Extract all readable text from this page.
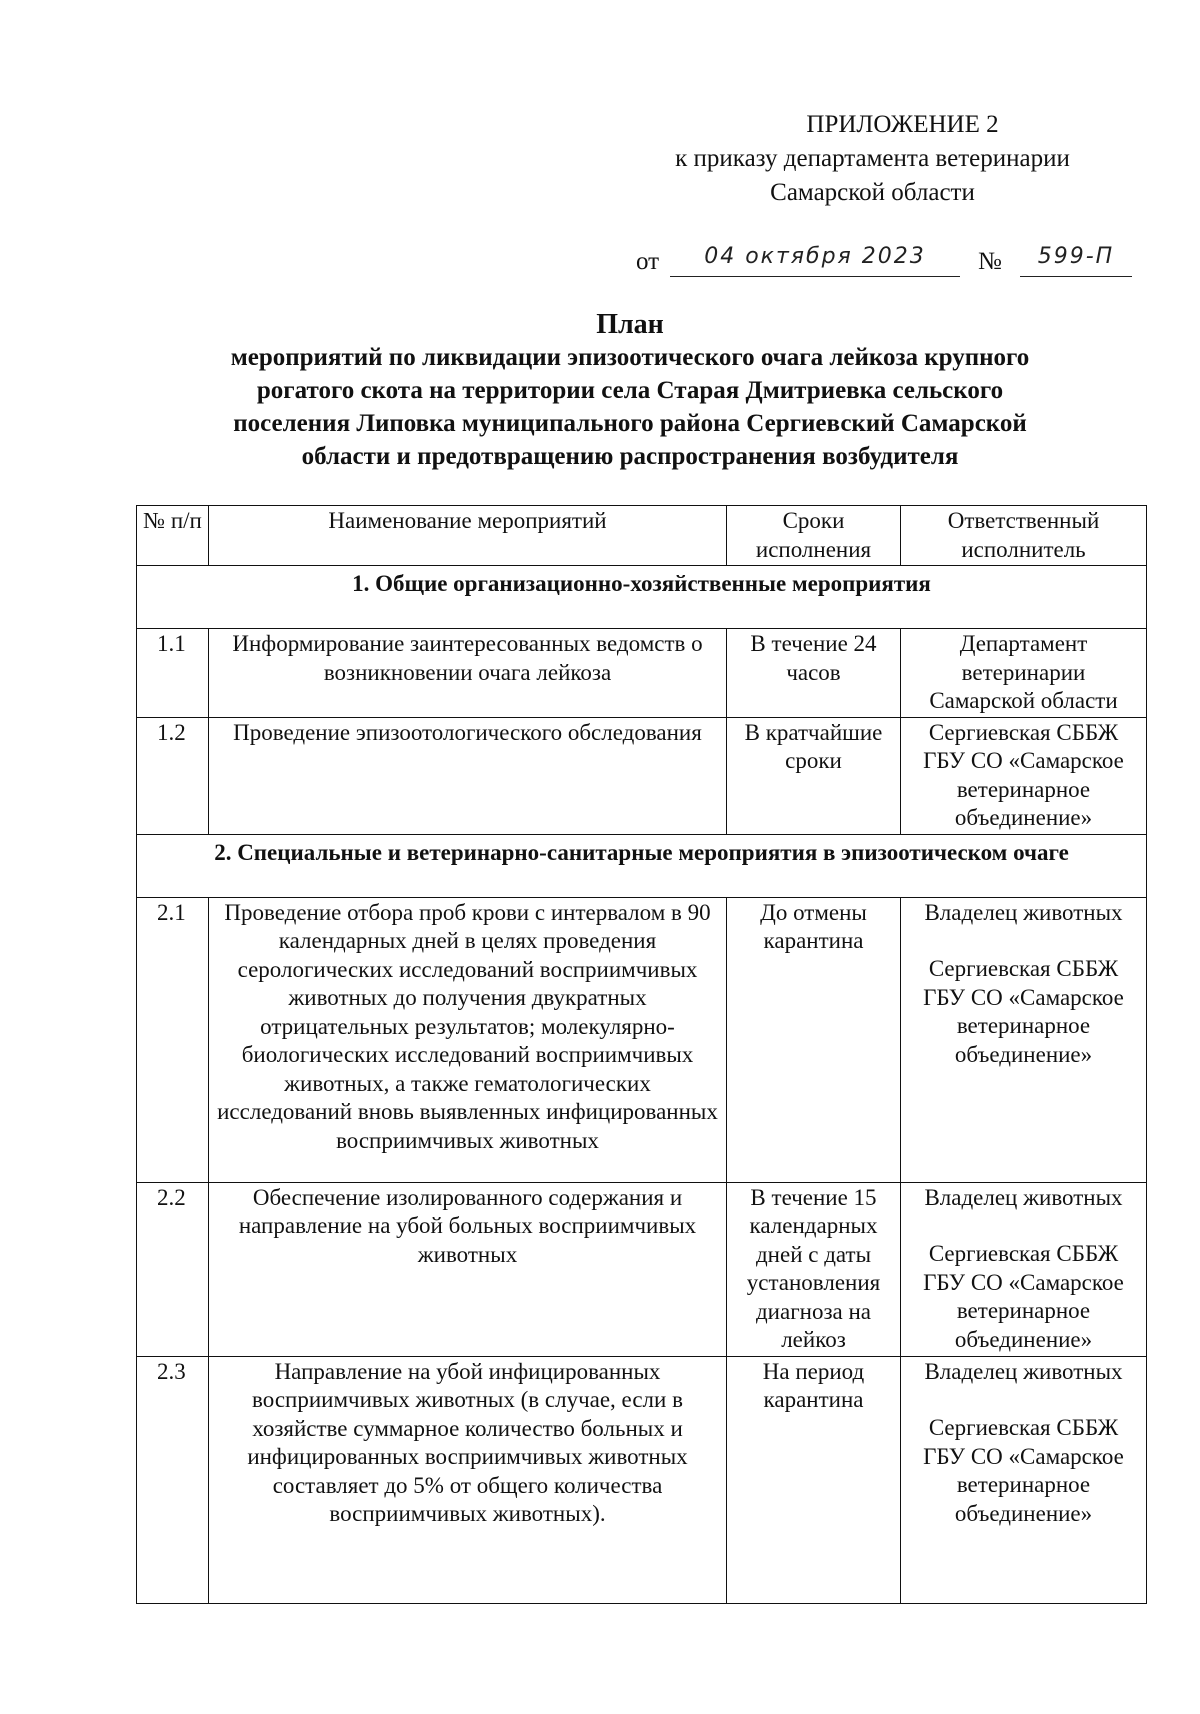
ПРИЛОЖЕНИЕ 2
к приказу департамента ветеринарии
Самарской области
от	04 октября 2023	№	599-П
План
мероприятий по ликвидации эпизоотического очага лейкоза крупного
рогатого скота на территории села Старая Дмитриевка сельского
поселения Липовка муниципального района Сергиевский Самарской
области и предотвращению распространения возбудителя
№ п/п	Наименование мероприятий	Сроки исполнения	Ответственный исполнитель
1. Общие организационно-хозяйственные мероприятия			
1.1	Информирование заинтересованных ведомств о возникновении очага лейкоза	В течение 24 часов	Департамент ветеринарии Самарской области
1.2	Проведение эпизоотологического обследования	В кратчайшие сроки	Сергиевская СББЖ ГБУ СО «Самарское ветеринарное объединение»
2. Специальные и ветеринарно-санитарные мероприятия в эпизоотическом очаге			
2.1	Проведение отбора проб крови с интервалом в 90 календарных дней в целях проведения серологических исследований восприимчивых животных до получения двукратных отрицательных результатов; молекулярно-биологических исследований восприимчивых животных, а также гематологических исследований вновь выявленных инфицированных восприимчивых животных	До отмены карантина	Владелец животных
Сергиевская СББЖ ГБУ СО «Самарское ветеринарное объединение»

2.2	Обеспечение изолированного содержания и направление на убой больных восприимчивых животных	В течение 15 календарных дней с даты установления диагноза на лейкоз	Владелец животных
Сергиевская СББЖ ГБУ СО «Самарское ветеринарное объединение»

2.3	Направление на убой инфицированных восприимчивых животных (в случае, если в хозяйстве суммарное количество больных и инфицированных восприимчивых животных составляет до 5% от общего количества восприимчивых животных).	На период карантина	Владелец животных
Сергиевская СББЖ ГБУ СО «Самарское ветеринарное объединение»
